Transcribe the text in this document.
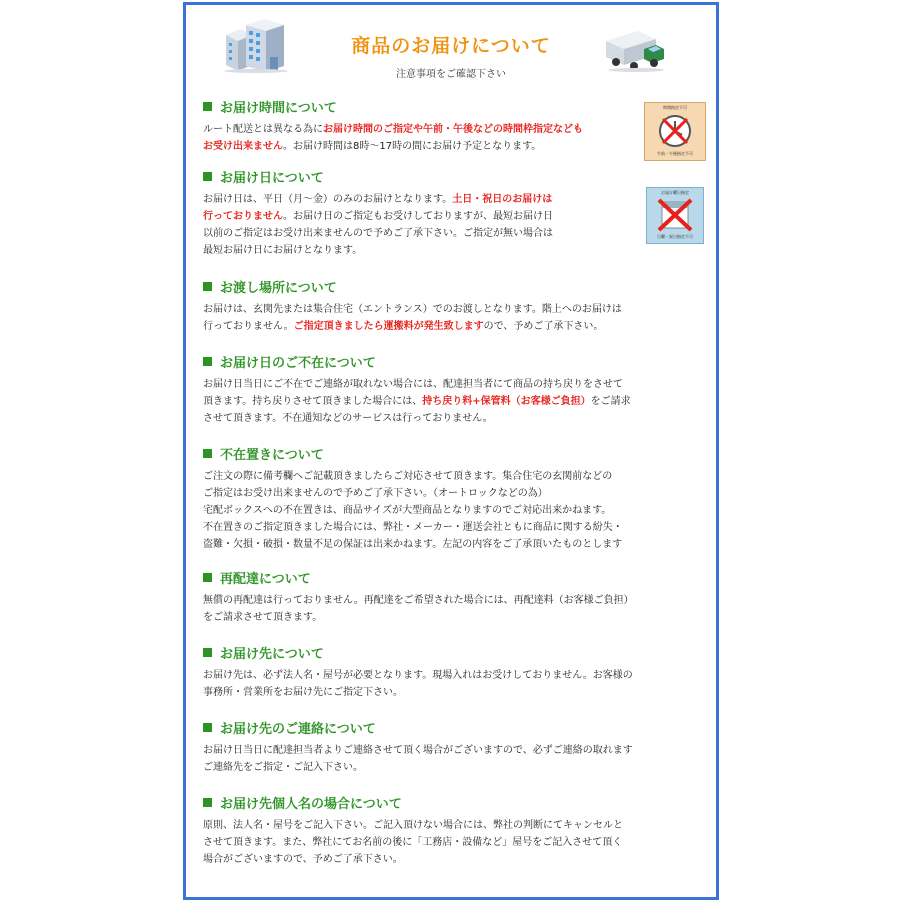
商品のお届けについて
注意事項をご確認下さい
時間指定不可
午前・午後指定不可
お届け曜日指定
日曜・祝日指定不可
お届け時間について

ルート配送とは異なる為にお届け時間のご指定や午前・午後などの時間枠指定なども

お受け出来ません。お届け時間は8時～17時の間にお届け予定となります。

お届け日について

お届け日は、平日（月～金）のみのお届けとなります。土日・祝日のお届けは

行っておりません。お届け日のご指定もお受けしておりますが、最短お届け日

以前のご指定はお受け出来ませんので予めご了承下さい。ご指定が無い場合は

最短お届け日にお届けとなります。

お渡し場所について

お届けは、玄関先または集合住宅（エントランス）でのお渡しとなります。階上へのお届けは

行っておりません。ご指定頂きましたら運搬料が発生致しますので、予めご了承下さい。

お届け日のご不在について

お届け日当日にご不在でご連絡が取れない場合には、配達担当者にて商品の持ち戻りをさせて

頂きます。持ち戻りさせて頂きました場合には、持ち戻り料+保管料（お客様ご負担）をご請求

させて頂きます。不在通知などのサービスは行っておりません。

不在置きについて

ご注文の際に備考欄へご記載頂きましたらご対応させて頂きます。集合住宅の玄関前などの

ご指定はお受け出来ませんので予めご了承下さい。（オートロックなどの為）

宅配ボックスへの不在置きは、商品サイズが大型商品となりますのでご対応出来かねます。

不在置きのご指定頂きました場合には、弊社・メーカー・運送会社ともに商品に関する紛失・

盗難・欠損・破損・数量不足の保証は出来かねます。左記の内容をご了承頂いたものとします

再配達について

無償の再配達は行っておりません。再配達をご希望された場合には、再配達料（お客様ご負担）

をご請求させて頂きます。

お届け先について

お届け先は、必ず法人名・屋号が必要となります。現場入れはお受けしておりません。お客様の

事務所・営業所をお届け先にご指定下さい。

お届け先のご連絡について

お届け日当日に配達担当者よりご連絡させて頂く場合がございますので、必ずご連絡の取れます

ご連絡先をご指定・ご記入下さい。

お届け先個人名の場合について

原則、法人名・屋号をご記入下さい。ご記入頂けない場合には、弊社の判断にてキャンセルと

させて頂きます。また、弊社にてお名前の後に「工務店・設備など」屋号をご記入させて頂く

場合がございますので、予めご了承下さい。
